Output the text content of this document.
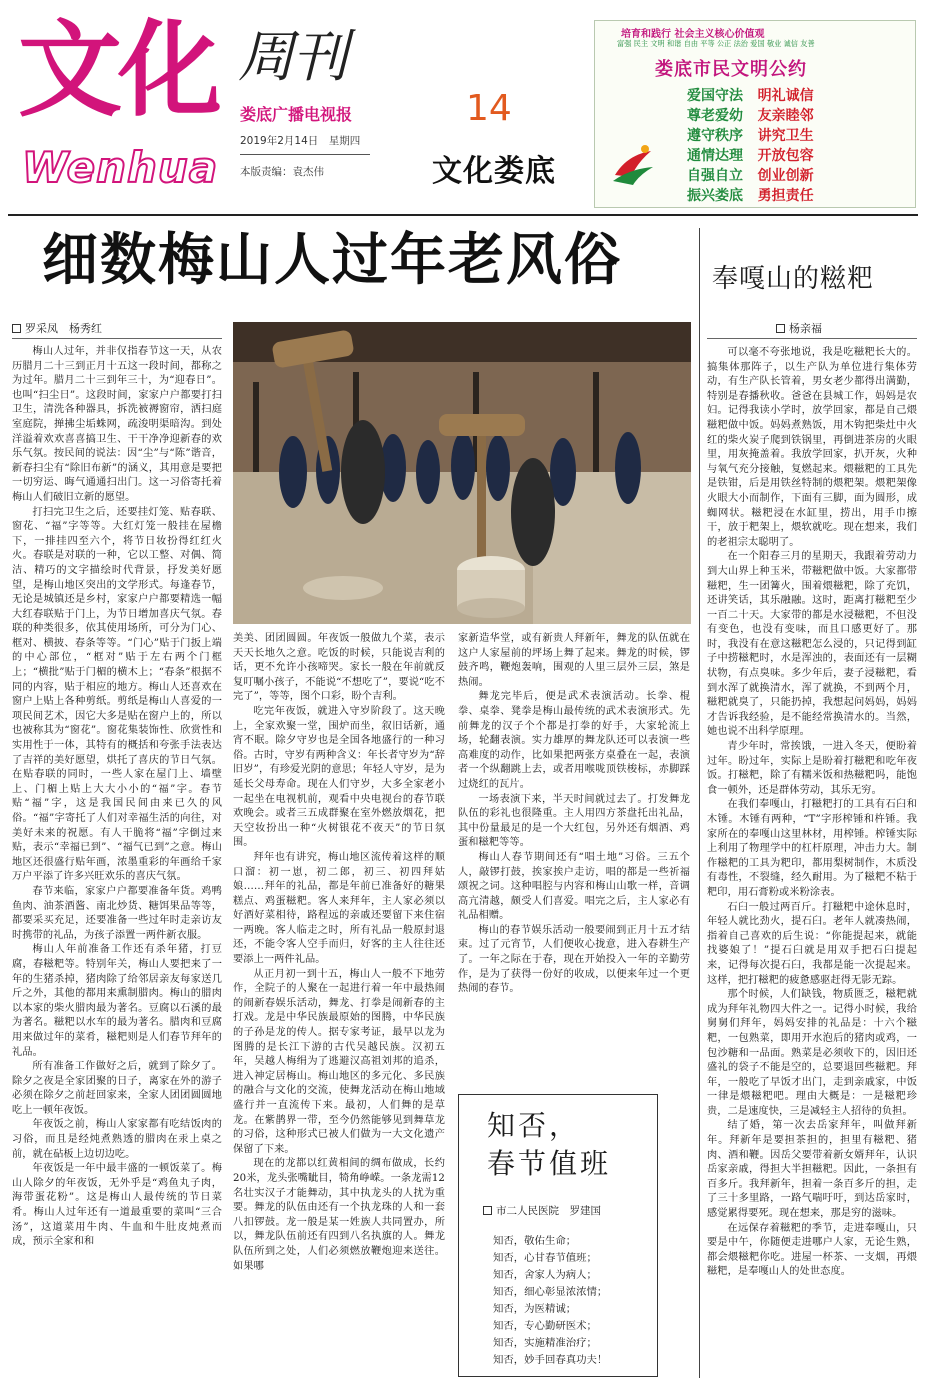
文化 周刊
Wenhua
娄底广播电视报
2019年2月14日　星期四
本版责编：袁杰伟
14
文化娄底
培育和践行 社会主义核心价值观
富强 民主 文明 和谐 自由 平等 公正 法治 爱国 敬业 诚信 友善
娄底市民文明公约
爱国守法 明礼诚信
尊老爱幼 友亲睦邻
遵守秩序 讲究卫生
通情达理 开放包容
自强自立 创业创新
振兴娄底 勇担责任
细数梅山人过年老风俗
罗采凤　杨秀红

梅山人过年，并非仅指春节这一天，从农历腊月二十三到正月十五这一段时间，都称之为过年。腊月二十三到年三十，为“迎春日”。也叫“扫尘日”。这段时间，家家户户都要打扫卫生，清洗各种器具，拆洗被褥窗帘，洒扫庭室庭院，掸拂尘垢蛛网，疏浚明渠暗沟。到处洋溢着欢欢喜喜搞卫生、干干净净迎新春的欢乐气氛。按民间的说法：因“尘”与“陈”谐音，新春扫尘有“除旧布新”的涵义，其用意是要把一切穷运、晦气通通扫出门。这一习俗寄托着梅山人们破旧立新的愿望。

打扫完卫生之后，还要挂灯笼、贴春联、窗花、“福”字等等。大红灯笼一般挂在屋檐下，一排挂四至六个，将节日妆扮得红红火火。春联是对联的一种，它以工整、对偶、简洁、精巧的文字描绘时代背景，抒发美好愿望，是梅山地区突出的文学形式。每逢春节，无论是城镇还是乡村，家家户户都要精选一幅大红春联贴于门上，为节日增加喜庆气氛。春联的种类很多，依其使用场所，可分为门心、框对、横披、春条等等。“门心”贴于门扳上端的中心部位，“框对”贴于左右两个门框上；“横批”贴于门楣的横木上；“春条”根据不同的内容，贴于相应的地方。梅山人还喜欢在窗户上贴上各种剪纸。剪纸是梅山人喜爱的一项民间艺术，因它大多是贴在窗户上的，所以也被称其为“窗花”。窗花集装饰性、欣赏性和实用性于一体，其特有的概括和夸张手法表达了吉祥的美好愿望，烘托了喜庆的节日气氛。在贴春联的同时，一些人家在屋门上、墙壁上、门楣上贴上大大小小的“福”字。春节贴“福”字，这是我国民间由来已久的风俗。“福”字寄托了人们对幸福生活的向往，对美好未来的祝愿。有人干脆将“福”字倒过来贴，表示“幸福已到”、“福气已到”之意。梅山地区还很盛行贴年画，浓墨重彩的年画给千家万户平添了许多兴旺欢乐的喜庆气氛。

春节来临，家家户户都要准备年货。鸡鸭鱼肉、油茶酒酱、南北炒货、糖饵果品等等，都要采买充足，还要准备一些过年时走亲访友时携带的礼品，为孩子添置一两件新衣服。

梅山人年前准备工作还有杀年猪，打豆腐，春糍粑等。特别年关，梅山人要把来了一年的生猪杀掉，猪肉除了给邻居亲友每家送几斤之外，其他的都用来熏制腊肉。梅山的腊肉以本家的柴火腊肉最为著名。豆腐以石溪的最为著名。糍粑以水车的最为著名。腊肉和豆腐用来做过年的菜肴，糍粑则是人们春节拜年的礼品。

所有准备工作做好之后，就到了除夕了。除夕之夜是全家团聚的日子，离家在外的游子必须在除夕之前赶回家来，全家人团团圆圆地吃上一顿年夜饭。

年夜饭之前，梅山人家家都有吃结饭肉的习俗，而且是经炖煮熟透的腊肉在汞上桌之前，就在砧板上边切边吃。

年夜饭是一年中最丰盛的一顿饭菜了。梅山人除夕的年夜饭，无外乎是“鸡鱼丸子肉，海带蛋花粉”。这是梅山人最传统的节日菜肴。梅山人过年还有一道最重要的菜叫“三合汤”，这道菜用牛肉、牛血和牛肚皮炖煮而成，预示全家和和

美美、团团圆圆。年夜饭一般做九个菜，表示天天长地久之意。吃饭的时候，只能说吉利的话，更不允许小孩啼哭。家长一般在年前就反复叮嘱小孩子，不能说“不想吃了”，要说“吃不完了”，等等，图个口彩，盼个吉利。

吃完年夜饭，就进入守岁阶段了。这天晚上，全家欢聚一堂，围炉而坐，叙旧话新，通宵不眠。除夕守岁也是全国各地盛行的一种习俗。古时，守岁有两种含义：年长者守岁为“辞旧岁”，有珍爱光阴的意思；年轻人守岁，是为延长父母寿命。现在人们守岁，大多全家老小一起坐在电视机前，观看中央电视台的春节联欢晚会。或者三五成群聚在室外燃放烟花，把天空妆扮出一种“火树银花不夜天”的节日氛围。

拜年也有讲究，梅山地区流传着这样的顺口溜：初一崽，初二郎，初三、初四拜姑娘……拜年的礼品，都是年前已准备好的糖果糕点、鸡蛋糍粑。客人来拜年，主人家必须以好酒好菜相待，路程远的亲戚还要留下来住宿一两晚。客人临走之时，所有礼品一般原封退还，不能令客人空手而归，好客的主人往往还要添上一两件礼品。

从正月初一到十五，梅山人一般不下地劳作，全院子的人聚在一起进行着一年中最热闹的闹新春娱乐活动，舞龙、打拳是闹新春的主打戏。龙是中华民族最原始的图腾，中华民族的子孙是龙的传人。据专家考证，最早以龙为图腾的是长江下游的古代吴越民族。汉初五年，吴越人梅绢为了逃避汉高祖刘邦的追杀，进入神定居梅山。梅山地区的多元化、多民族的融合与文化的交流，使舞龙活动在梅山地域盛行并一直流传下来。最初，人们舞的是草龙。在紫鹊界一带，至今仍然能够见到舞草龙的习俗，这种形式已被人们做为一大文化遗产保留了下来。

现在的龙都以红黄相间的绸布做成，长约20米，龙头张嘴眦目，犄角峥嵘。一条龙需12名壮实汉子才能舞动，其中执龙头的人扰为重要。舞龙的队伍由还有一个执龙珠的人和一套八扣锣鼓。龙一般是某一姓族人共同置办，所以，舞龙队伍前还有四到八名执旗的人。舞龙队伍所到之处，人们必须燃放鞭炮迎来送往。如果哪

家新造华堂，或有新贵人拜新年，舞龙的队伍就在这户人家屋前的坪场上舞了起来。舞龙的时候，锣鼓齐鸣，鞭炮轰响，围观的人里三层外三层，煞是热闹。

舞龙完毕后，便是武术表演活动。长拳、棍拳、桌拳、凳拳是梅山最传统的武术表演形式。先前舞龙的汉子个个都是打拳的好手，大家轮流上场，轮翻表演。实力雄厚的舞龙队还可以表演一些高难度的动作，比如果把两张方桌叠在一起，表演者一个纵翻跳上去，或者用喉咙顶铁梭标，赤脚踩过烧红的瓦片。

一场表演下来，半天时间就过去了。打发舞龙队伍的彩礼也很隆重。主人用四方茶盘托出礼品，其中份量最足的是一个大红包，另外还有烟酒、鸡蛋和糍粑等等。

梅山人春节期间还有“唱土地”习俗。三五个人，敲锣打鼓，挨家挨户走访，唱的都是一些祈福颂祝之词。这种唱腔与内容和梅山山歌一样，音调高亢清越，颇受人们喜爱。唱完之后，主人家必有礼品相赠。

梅山的春节娱乐活动一般要闹到正月十五才结束。过了元宵节，人们便收心拢意，进入春耕生产了。一年之际在于春，现在开始投入一年的辛勤劳作，是为了获得一份好的收成，以便来年过一个更热闹的春节。

知否，
春节值班
市二人民医院　罗建国
知否，敬佑生命；
知否，心甘春节值班；
知否，舍家人为病人；
知否，细心彰显浓浓情；
知否，为医精诚；
知否，专心勤研医术；
知否，实施精准治疗；
知否，妙手回春真功夫！
奉嘎山的糍粑
杨亲福

可以毫不夸张地说，我是吃糍粑长大的。搞集体那阵子，以生产队为单位进行集体劳动，有生产队长管着，男女老少都得出满勤，特别是春播秋收。爸爸在县城工作，妈妈是农妇。记得我读小学时，放学回家，都是自己煨糍粑做中饭。妈妈煮熟饭，用木钩把柴灶中火红的柴火炭子爬到铁锅里，再倒进茶房的火眼里，用灰掩盖着。我放学回家，扒开灰，火种与氧气充分接触，复燃起来。煨糍粑的工具先是铁钳，后是用铁丝特制的煨粑架。煨粑架像火眼大小而制作，下面有三脚，面为圆形，成蜘网状。糍粑浸在水缸里，捞出，用手巾擦干，放于粑架上，煨软就吃。现在想来，我们的老祖宗太聪明了。

在一个阳春三月的星期天，我跟着劳动力到大山界上种玉米，带糍粑做中饭。大家都带糍粑，生一团篝火，围着煨糍粑，除了充饥，还讲笑话，其乐融融。这时，距离打糍粑至少一百二十天。大家带的都是水浸糍粑，不但没有变色，也没有变味，而且口感更好了。那时，我没有在意这糍粑怎么浸的，只记得到缸子中捞糍粑时，水是浑浊的，表面还有一层糊状物，有点臭味。多少年后，妻子浸糍粑，看到水浑了就换清水，浑了就换，不到两个月，糍粑就臭了，只能扔掉，我想起问妈妈，妈妈才告诉我经验，是不能经常换清水的。当然，她也说不出科学原理。

青少年时，常挨饿，一进入冬天，便盼着过年。盼过年，实际上是盼着打糍粑和吃年夜饭。打糍粑，除了有糯米饭和热糍粑吗，能饱食一顿外，还是群体劳动，其乐无穷。

在我们奉嘎山，打糍粑打的工具有石臼和木锤。木锤有两种，“T”字形榨锤和杵锤。我家所在的奉嘎山这里林材，用榨锤。榨锤实际上利用了物理学中的杠杆原理，冲击力大。制作糍粑的工具为粑印，都用梨树制作，木质没有毒性，不裂缝，经久耐用。为了糍粑不粘于粑印，用石膏粉或米粉涂表。

石臼一般过两百斤。打糍粑中途休息时，年轻人就比劲火，提石臼。老年人就凑热闹，指着自己喜欢的后生说：“你能提起来，就能找婆娘了！”提石臼就是用双手把石臼提起来，记得每次提石臼，我都是能一次提起来。这样，把打糍粑的疲惫感驱赶得无影无踪。

那个时候，人们缺钱，物质匮乏，糍粑就成为拜年礼物四大件之一。记得小时候，我给舅舅们拜年，妈妈安排的礼品是：十六个糍粑，一包熟菜，即用开水泡后的猪肉或鸡，一包沙糖和一品面。熟菜是必须收下的，因旧还盛礼的袋子不能是空的，总要退回些糍粑。拜年，一般吃了早饭才出门，走到亲戚家，中饭一律是煨糍粑吧。理由大概是：一是糍粑珍贵，二是速度快，三是减轻主人招待的负担。

结了婚，第一次去岳家拜年，叫做拜新年。拜新年是要担茶担的，担里有糍粑、猪肉、酒和鞭。因岳父要带着新女婿拜年，认识岳家亲戚，得担大半担糍粑。因此，一条担有百多斤。我拜新年，担着一条百多斤的担，走了三十多里路，一路气喘吁吁，到达岳家时，感觉累得要死。现在想来，那是穷的滋味。

在远保存着糍粑的季节，走进奉嘎山，只要是中午，你随便走进哪户人家，无论生熟，都会煨糍粑你吃。进屋一杯茶、一支烟，再煨糍粑，是奉嘎山人的处世态度。
